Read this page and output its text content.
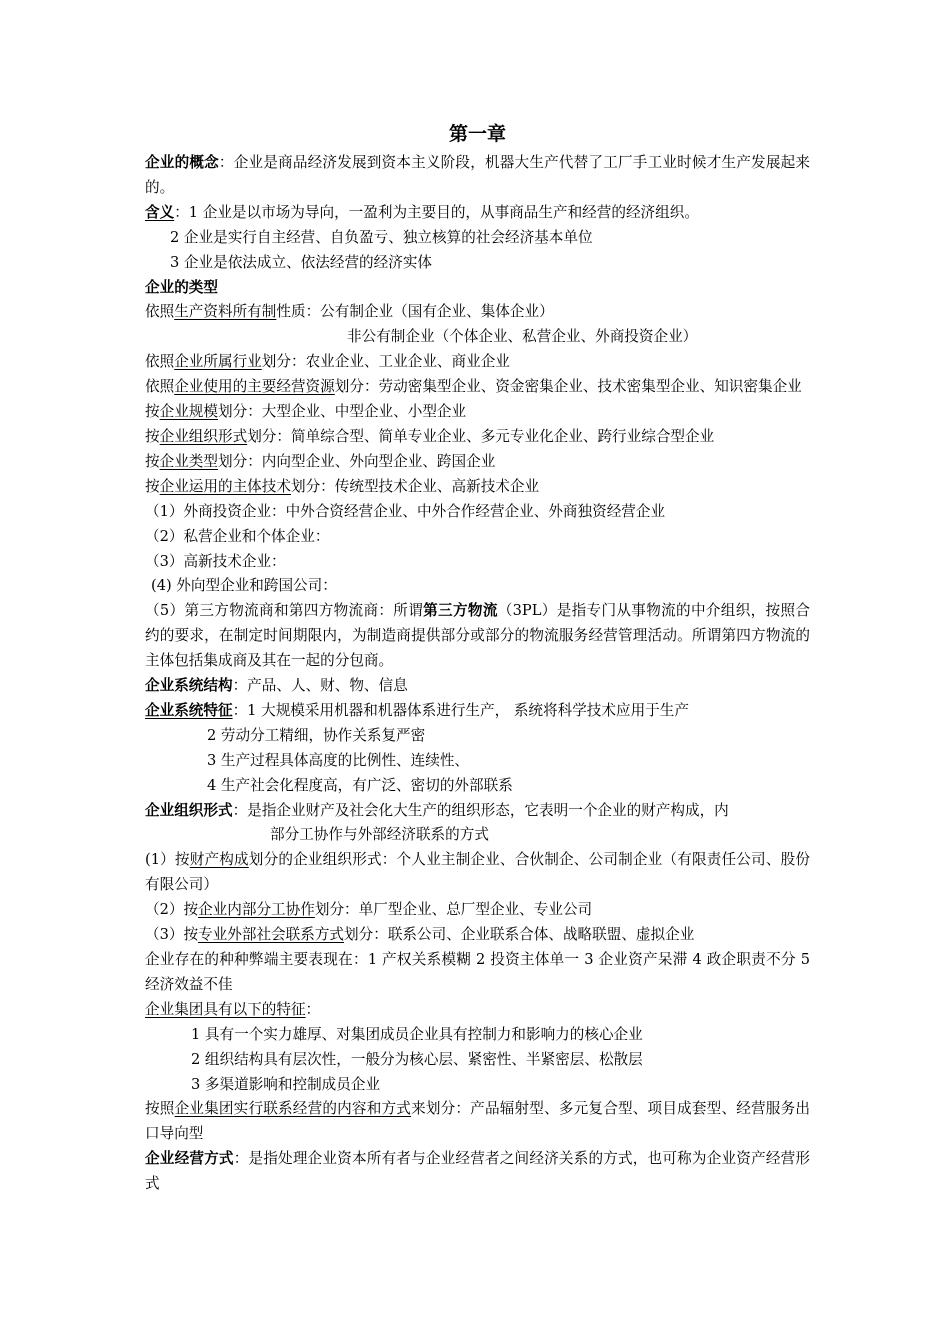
第一章

企业的概念：企业是商品经济发展到资本主义阶段，机器大生产代替了工厂手工业时候才生产发展起来的。

含义：1 企业是以市场为导向，一盈利为主要目的，从事商品生产和经营的经济组织。

2 企业是实行自主经营、自负盈亏、独立核算的社会经济基本单位

3 企业是依法成立、依法经营的经济实体

企业的类型

依照生产资料所有制性质：公有制企业（国有企业、集体企业）

非公有制企业（个体企业、私营企业、外商投资企业）

依照企业所属行业划分：农业企业、工业企业、商业企业

依照企业使用的主要经营资源划分：劳动密集型企业、资金密集企业、技术密集型企业、知识密集企业

按企业规模划分：大型企业、中型企业、小型企业

按企业组织形式划分：简单综合型、简单专业企业、多元专业化企业、跨行业综合型企业

按企业类型划分：内向型企业、外向型企业、跨国企业

按企业运用的主体技术划分：传统型技术企业、高新技术企业

（1）外商投资企业：中外合资经营企业、中外合作经营企业、外商独资经营企业

（2）私营企业和个体企业：

（3）高新技术企业：

(4) 外向型企业和跨国公司：

（5）第三方物流商和第四方物流商：所谓第三方物流（3PL）是指专门从事物流的中介组织，按照合约的要求，在制定时间期限内，为制造商提供部分或部分的物流服务经营管理活动。所谓第四方物流的主体包括集成商及其在一起的分包商。

企业系统结构：产品、人、财、物、信息

企业系统特征：1 大规模采用机器和机器体系进行生产， 系统将科学技术应用于生产

2 劳动分工精细，协作关系复严密

3 生产过程具体高度的比例性、连续性、

4 生产社会化程度高，有广泛、密切的外部联系

企业组织形式：是指企业财产及社会化大生产的组织形态，它表明一个企业的财产构成，内

部分工协作与外部经济联系的方式

(1）按财产构成划分的企业组织形式：个人业主制企业、合伙制企、公司制企业（有限责任公司、股份有限公司）

（2）按企业内部分工协作划分：单厂型企业、总厂型企业、专业公司

（3）按专业外部社会联系方式划分：联系公司、企业联系合体、战略联盟、虚拟企业

企业存在的种种弊端主要表现在：1 产权关系模糊 2 投资主体单一 3 企业资产呆滞 4 政企职责不分 5 经济效益不佳

企业集团具有以下的特征：

1 具有一个实力雄厚、对集团成员企业具有控制力和影响力的核心企业

2 组织结构具有层次性，一般分为核心层、紧密性、半紧密层、松散层

3 多渠道影响和控制成员企业

按照企业集团实行联系经营的内容和方式来划分：产品辐射型、多元复合型、项目成套型、经营服务出口导向型

企业经营方式：是指处理企业资本所有者与企业经营者之间经济关系的方式，也可称为企业资产经营形式
